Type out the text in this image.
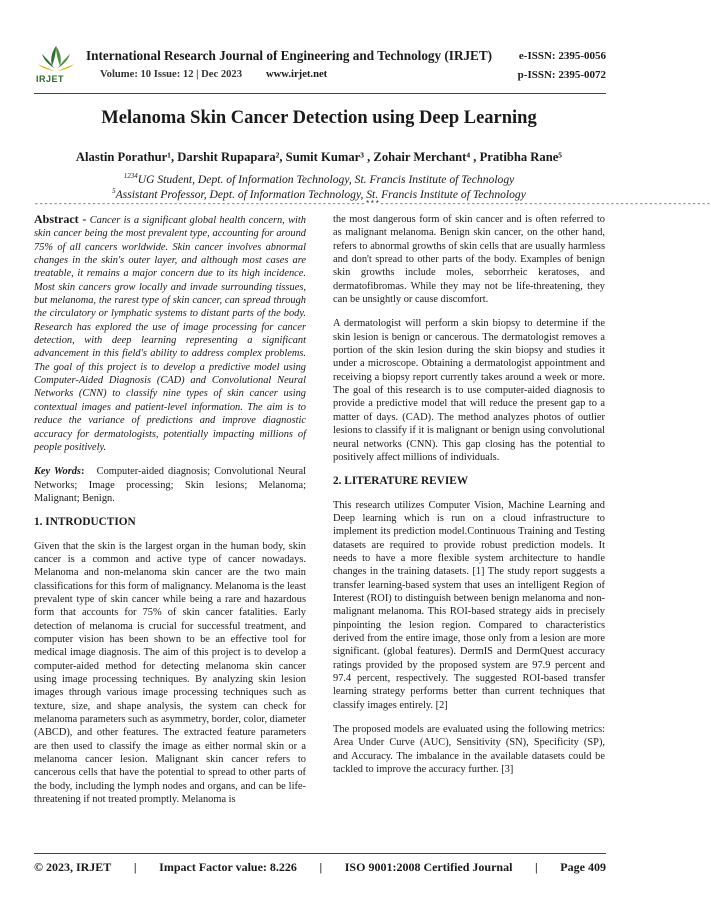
IRJET
International Research Journal of Engineering and Technology (IRJET)
Volume: 10 Issue: 12 | Dec 2023 www.irjet.net
e-ISSN: 2395-0056
p-ISSN: 2395-0072
Melanoma Skin Cancer Detection using Deep Learning
Alastin Porathur¹, Darshit Rupapara², Sumit Kumar³ , Zohair Merchant⁴ , Pratibha Rane⁵
$^{1234}$UG Student, Dept. of Information Technology, St. Francis Institute of Technology
$^5$Assistant Professor, Dept. of Information Technology, St. Francis Institute of Technology
---------------------------------------------------------------------***---------------------------------------------------------------------

Abstract - Cancer is a significant global health concern, with skin cancer being the most prevalent type, accounting for around 75% of all cancers worldwide. Skin cancer involves abnormal changes in the skin's outer layer, and although most cases are treatable, it remains a major concern due to its high incidence. Most skin cancers grow locally and invade surrounding tissues, but melanoma, the rarest type of skin cancer, can spread through the circulatory or lymphatic systems to distant parts of the body. Research has explored the use of image processing for cancer detection, with deep learning representing a significant advancement in this field's ability to address complex problems. The goal of this project is to develop a predictive model using Computer-Aided Diagnosis (CAD) and Convolutional Neural Networks (CNN) to classify nine types of skin cancer using contextual images and patient-level information. The aim is to reduce the variance of predictions and improve diagnostic accuracy for dermatologists, potentially impacting millions of people positively.

Key Words: Computer-aided diagnosis; Convolutional Neural Networks; Image processing; Skin lesions; Melanoma; Malignant; Benign.

1. INTRODUCTION

Given that the skin is the largest organ in the human body, skin cancer is a common and active type of cancer nowadays. Melanoma and non-melanoma skin cancer are the two main classifications for this form of malignancy. Melanoma is the least prevalent type of skin cancer while being a rare and hazardous form that accounts for 75% of skin cancer fatalities. Early detection of melanoma is crucial for successful treatment, and computer vision has been shown to be an effective tool for medical image diagnosis. The aim of this project is to develop a computer-aided method for detecting melanoma skin cancer using image processing techniques. By analyzing skin lesion images through various image processing techniques such as texture, size, and shape analysis, the system can check for melanoma parameters such as asymmetry, border, color, diameter (ABCD), and other features. The extracted feature parameters are then used to classify the image as either normal skin or a melanoma cancer lesion. Malignant skin cancer refers to cancerous cells that have the potential to spread to other parts of the body, including the lymph nodes and organs, and can be life-threatening if not treated promptly. Melanoma is

the most dangerous form of skin cancer and is often referred to as malignant melanoma. Benign skin cancer, on the other hand, refers to abnormal growths of skin cells that are usually harmless and don't spread to other parts of the body. Examples of benign skin growths include moles, seborrheic keratoses, and dermatofibromas. While they may not be life-threatening, they can be unsightly or cause discomfort.

A dermatologist will perform a skin biopsy to determine if the skin lesion is benign or cancerous. The dermatologist removes a portion of the skin lesion during the skin biopsy and studies it under a microscope. Obtaining a dermatologist appointment and receiving a biopsy report currently takes around a week or more. The goal of this research is to use computer-aided diagnosis to provide a predictive model that will reduce the present gap to a matter of days. (CAD). The method analyzes photos of outlier lesions to classify if it is malignant or benign using convolutional neural networks (CNN). This gap closing has the potential to positively affect millions of individuals.

2. LITERATURE REVIEW

This research utilizes Computer Vision, Machine Learning and Deep learning which is run on a cloud infrastructure to implement its prediction model.Continuous Training and Testing datasets are required to provide robust prediction models. It needs to have a more flexible system architecture to handle changes in the training datasets. [1] The study report suggests a transfer learning-based system that uses an intelligent Region of Interest (ROI) to distinguish between benign melanoma and non-malignant melanoma. This ROI-based strategy aids in precisely pinpointing the lesion region. Compared to characteristics derived from the entire image, those only from a lesion are more significant. (global features). DermIS and DermQuest accuracy ratings provided by the proposed system are 97.9 percent and 97.4 percent, respectively. The suggested ROI-based transfer learning strategy performs better than current techniques that classify images entirely. [2]

The proposed models are evaluated using the following metrics: Area Under Curve (AUC), Sensitivity (SN), Specificity (SP), and Accuracy. The imbalance in the available datasets could be tackled to improve the accuracy further. [3]

© 2023, IRJET | Impact Factor value: 8.226 | ISO 9001:2008 Certified Journal | Page 409
